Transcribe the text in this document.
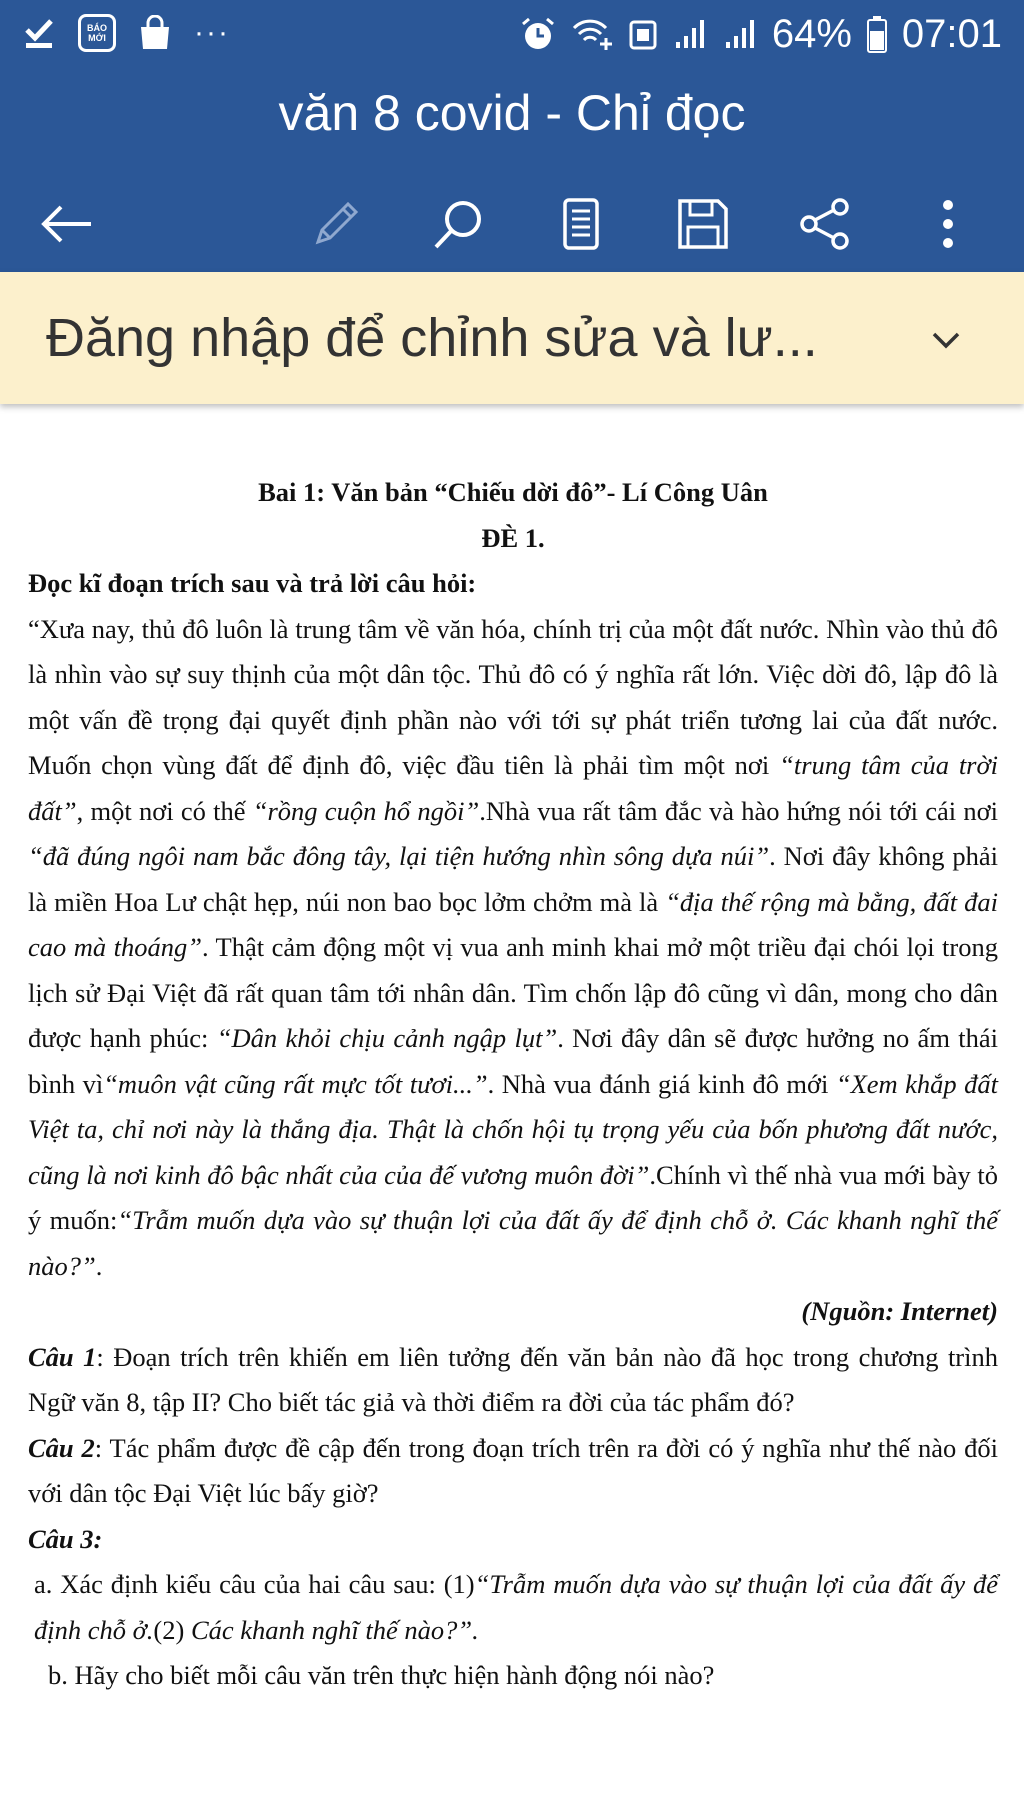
BÁO MỚI	···	64% 07:01
văn 8 covid - Chỉ đọc
Đăng nhập để chỉnh sửa và lư...

Bai 1: Văn bản “Chiếu dời đô”- Lí Công Uân

ĐÈ 1.

Đọc kĩ đoạn trích sau và trả lời câu hỏi:

“Xưa nay, thủ đô luôn là trung tâm về văn hóa, chính trị của một đất nước. Nhìn vào thủ đô là nhìn vào sự suy thịnh của một dân tộc. Thủ đô có ý nghĩa rất lớn. Việc dời đô, lập đô là một vấn đề trọng đại quyết định phần nào với tới sự phát triển tương lai của đất nước. Muốn chọn vùng đất để định đô, việc đầu tiên là phải tìm một nơi “trung tâm của trời đất”, một nơi có thế “rồng cuộn hổ ngồi”.Nhà vua rất tâm đắc và hào hứng nói tới cái nơi “đã đúng ngôi nam bắc đông tây, lại tiện hướng nhìn sông dựa núi”. Nơi đây không phải là miền Hoa Lư chật hẹp, núi non bao bọc lởm chởm mà là “địa thế rộng mà bằng, đất đai cao mà thoáng”. Thật cảm động một vị vua anh minh khai mở một triều đại chói lọi trong lịch sử Đại Việt đã rất quan tâm tới nhân dân. Tìm chốn lập đô cũng vì dân, mong cho dân được hạnh phúc: “Dân khỏi chịu cảnh ngập lụt”. Nơi đây dân sẽ được hưởng no ấm thái bình vì“muôn vật cũng rất mực tốt tươi...”. Nhà vua đánh giá kinh đô mới “Xem khắp đất Việt ta, chỉ nơi này là thắng địa. Thật là chốn hội tụ trọng yếu của bốn phương đất nước, cũng là nơi kinh đô bậc nhất của của đế vương muôn đời”.Chính vì thế nhà vua mới bày tỏ ý muốn:“Trẫm muốn dựa vào sự thuận lợi của đất ấy để định chỗ ở. Các khanh nghĩ thế nào?”.

(Nguồn: Internet)

Câu 1: Đoạn trích trên khiến em liên tưởng đến văn bản nào đã học trong chương trình Ngữ văn 8, tập II? Cho biết tác giả và thời điểm ra đời của tác phẩm đó?

Câu 2: Tác phẩm được đề cập đến trong đoạn trích trên ra đời có ý nghĩa như thế nào đối với dân tộc Đại Việt lúc bấy giờ?

Câu 3:

a. Xác định kiểu câu của hai câu sau: (1)“Trẫm muốn dựa vào sự thuận lợi của đất ấy để định chỗ ở.(2) Các khanh nghĩ thế nào?”.

b. Hãy cho biết mỗi câu văn trên thực hiện hành động nói nào?
